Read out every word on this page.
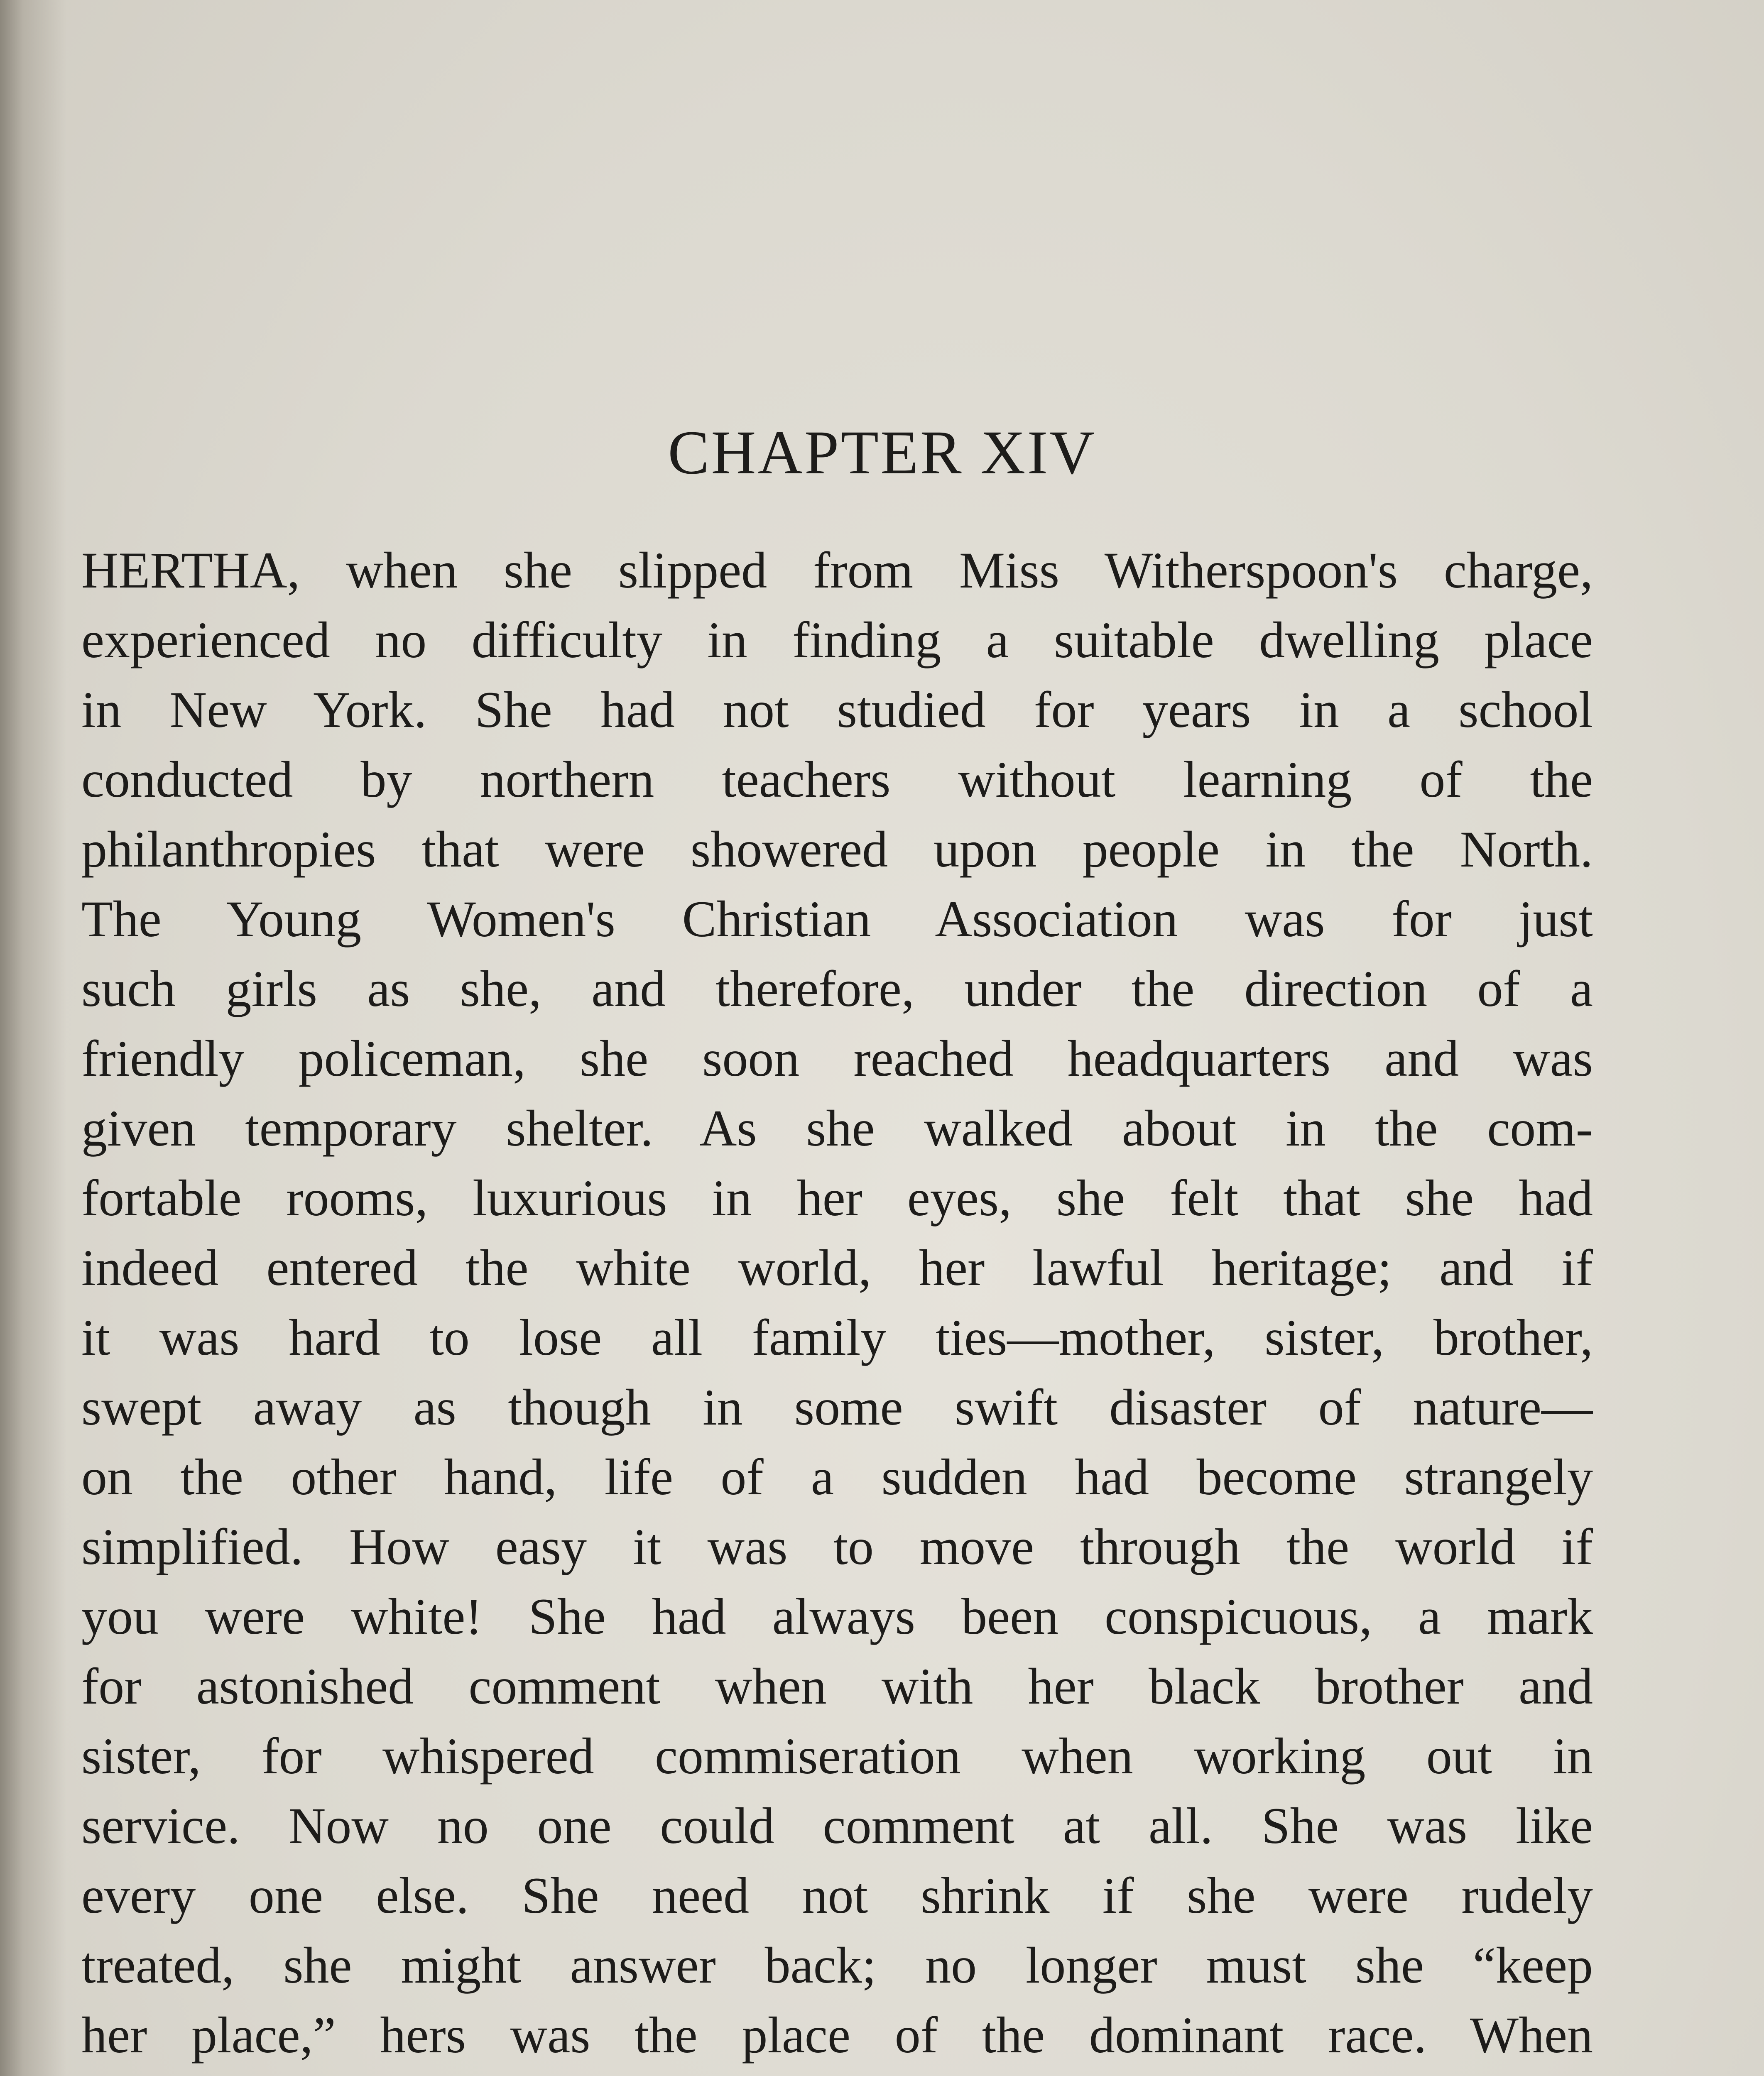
CHAPTER XIV
HERTHA, when she slipped from Miss Witherspoon's charge,
experienced no difficulty in finding a suitable dwelling place
in New York. She had not studied for years in a school
conducted by northern teachers without learning of the
philanthropies that were showered upon people in the North.
The Young Women's Christian Association was for just
such girls as she, and therefore, under the direction of a
friendly policeman, she soon reached headquarters and was
given temporary shelter. As she walked about in the com-
fortable rooms, luxurious in her eyes, she felt that she had
indeed entered the white world, her lawful heritage; and if
it was hard to lose all family ties—mother, sister, brother,
swept away as though in some swift disaster of nature—
on the other hand, life of a sudden had become strangely
simplified. How easy it was to move through the world if
you were white! She had always been conspicuous, a mark
for astonished comment when with her black brother and
sister, for whispered commiseration when working out in
service. Now no one could comment at all. She was like
every one else. She need not shrink if she were rudely
treated, she might answer back; no longer must she “keep
her place,” hers was the place of the dominant race. When
